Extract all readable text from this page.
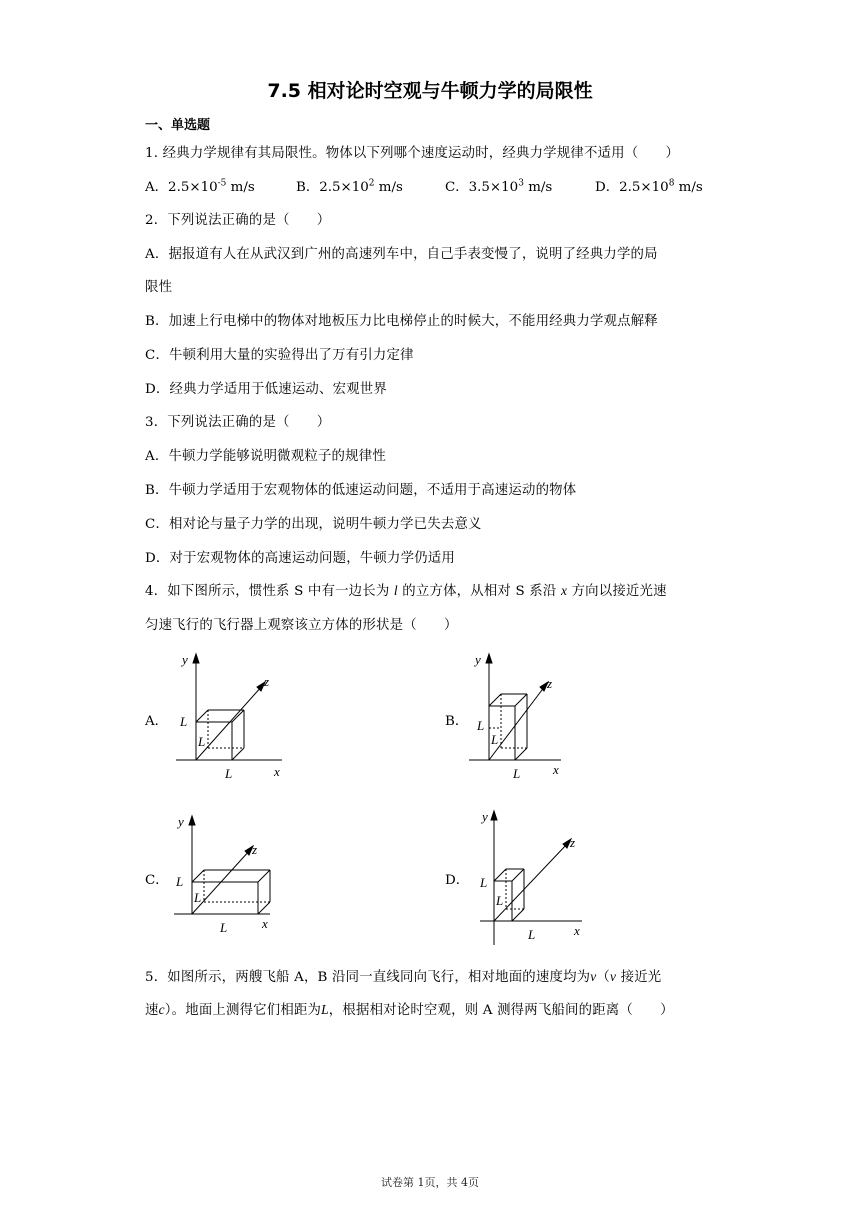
7.5 相对论时空观与牛顿力学的局限性
一、单选题
1. 经典力学规律有其局限性。物体以下列哪个速度运动时，经典力学规律不适用（　　）
A．$2.5\times 10^{-5}$ m/s	B．$2.5\times 10^2$ m/s	C．$3.5\times 10^3$ m/s	D．$2.5\times 10^8$ m/s
2．下列说法正确的是（　　）
A．据报道有人在从武汉到广州的高速列车中，自己手表变慢了，说明了经典力学的局
限性
B．加速上行电梯中的物体对地板压力比电梯停止的时候大，不能用经典力学观点解释
C．牛顿利用大量的实验得出了万有引力定律
D．经典力学适用于低速运动、宏观世界
3．下列说法正确的是（　　）
A．牛顿力学能够说明微观粒子的规律性
B．牛顿力学适用于宏观物体的低速运动问题，不适用于高速运动的物体
C．相对论与量子力学的出现，说明牛顿力学已失去意义
D．对于宏观物体的高速运动问题，牛顿力学仍适用
4．如下图所示，惯性系 S 中有一边长为 l 的立方体，从相对 S 系沿 x 方向以接近光速
匀速飞行的飞行器上观察该立方体的形状是（　　）
A．
y
z
x
L
L
L
B．
y
z
x
L
L
L
C．
y
z
x
L
L
L
D．
y
z
x
L
L
L
5．如图所示，两艘飞船 A，B 沿同一直线同向飞行，相对地面的速度均为v（v 接近光
速c）。地面上测得它们相距为L，根据相对论时空观，则 A 测得两飞船间的距离（　　）
试卷第 1页，共 4页
